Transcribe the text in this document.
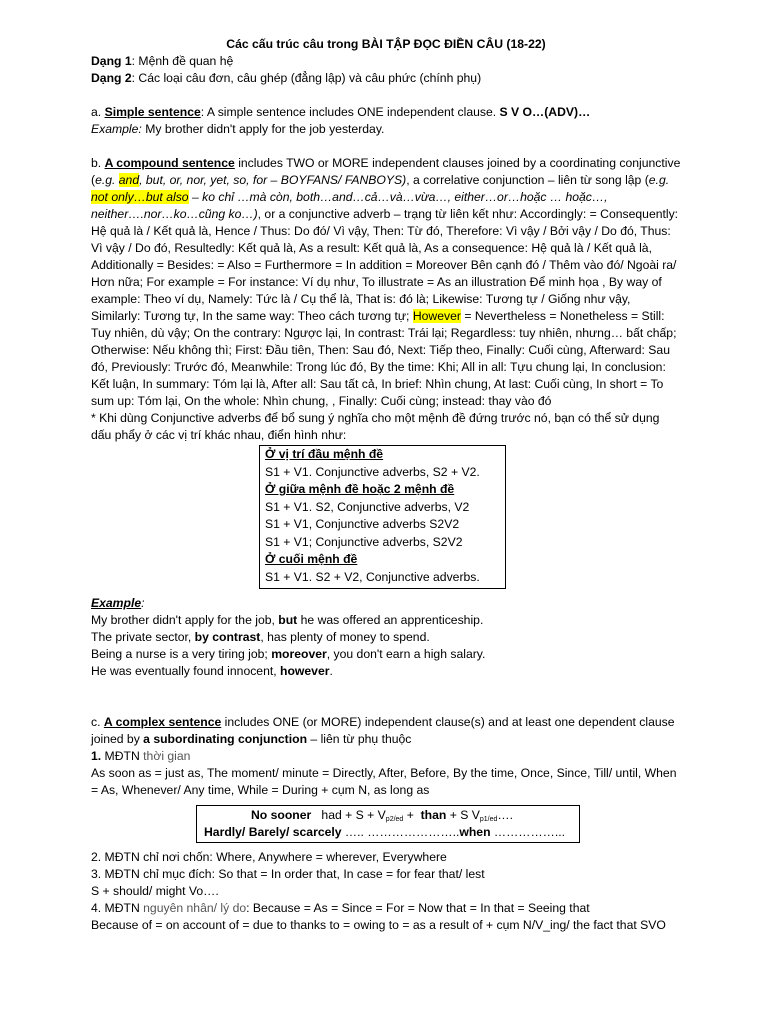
Các cấu trúc câu trong BÀI TẬP ĐỌC ĐIỀN CÂU (18-22)

Dạng 1: Mệnh đề quan hệ

Dạng 2: Các loại câu đơn, câu ghép (đẳng lập) và câu phức (chính phụ)

a. Simple sentence: A simple sentence includes ONE independent clause. S V O…(ADV)…

Example: My brother didn't apply for the job yesterday.

b. A compound sentence includes TWO or MORE independent clauses joined by a coordinating conjunctive (e.g. and, but, or, nor, yet, so, for – BOYFANS/ FANBOYS), a correlative conjunction – liên từ song lập (e.g. not only…but also – ko chỉ …mà còn, both…and…cả…và…vừa…, either…or…hoặc … hoặc…, neither….nor…ko…cũng ko…), or a conjunctive adverb – trạng từ liên kết như: Accordingly: = Consequently: Hệ quả là / Kết quả là, Hence / Thus: Do đó/ Vì vậy, Then: Từ đó, Therefore: Vì vậy / Bởi vậy / Do đó, Thus: Vì vậy / Do đó, Resultedly: Kết quả là, As a result: Kết quả là, As a consequence: Hệ quả là / Kết quả là, Additionally = Besides: = Also = Furthermore = In addition = Moreover Bên cạnh đó / Thêm vào đó/ Ngoài ra/ Hơn nữa; For example = For instance: Ví dụ như, To illustrate = As an illustration Để minh họa , By way of example: Theo ví dụ, Namely: Tức là / Cụ thể là, That is: đó là; Likewise: Tương tự / Giống như vậy, Similarly: Tương tự, In the same way: Theo cách tương tự; However = Nevertheless = Nonetheless = Still: Tuy nhiên, dù vậy; On the contrary: Ngược lại, In contrast: Trái lại; Regardless: tuy nhiên, nhưng… bất chấp; Otherwise: Nếu không thì; First: Đầu tiên, Then: Sau đó, Next: Tiếp theo, Finally: Cuối cùng, Afterward: Sau đó, Previously: Trước đó, Meanwhile: Trong lúc đó, By the time: Khi; All in all: Tựu chung lại, In conclusion: Kết luận, In summary: Tóm lại là, After all: Sau tất cả, In brief: Nhìn chung, At last: Cuối cùng, In short = To sum up: Tóm lại, On the whole: Nhìn chung, , Finally: Cuối cùng; instead: thay vào đó

* Khi dùng Conjunctive adverbs để bổ sung ý nghĩa cho một mệnh đề đứng trước nó, bạn có thể sử dụng dấu phẩy ở các vị trí khác nhau, điển hình như:

Ở vị trí đầu mệnh đề

S1 + V1. Conjunctive adverbs, S2 + V2.

Ở giữa mệnh đề hoặc 2 mệnh đề

S1 + V1. S2, Conjunctive adverbs, V2

S1 + V1, Conjunctive adverbs S2V2

S1 + V1; Conjunctive adverbs, S2V2

Ở cuối mệnh đề

S1 + V1. S2 + V2, Conjunctive adverbs.

Example:

My brother didn't apply for the job, but he was offered an apprenticeship.

The private sector, by contrast, has plenty of money to spend.

Being a nurse is a very tiring job; moreover, you don't earn a high salary.

He was eventually found innocent, however.

c. A complex sentence includes ONE (or MORE) independent clause(s) and at least one dependent clause joined by a subordinating conjunction – liên từ phụ thuộc

1. MĐTN thời gian

As soon as = just as, The moment/ minute = Directly, After, Before, By the time, Once, Since, Till/ until, When = As, Whenever/ Any time, While = During + cụm N, as long as

No sooner   had + $S + V_{p2/ed}$ +  than + S $V_{p1/ed}\dots$.

Hardly/ Barely/ scarcely ….. …………………..when ……………...

2. MĐTN chỉ nơi chốn: Where, Anywhere = wherever, Everywhere

3. MĐTN chỉ mục đích: So that = In order that, In case = for fear that/ lest

S + should/ might Vo….

4. MĐTN nguyên nhân/ lý do: Because = As = Since = For = Now that = In that = Seeing that

Because of = on account of = due to thanks to = owing to = as a result of + cụm N/V_ing/ the fact that SVO
